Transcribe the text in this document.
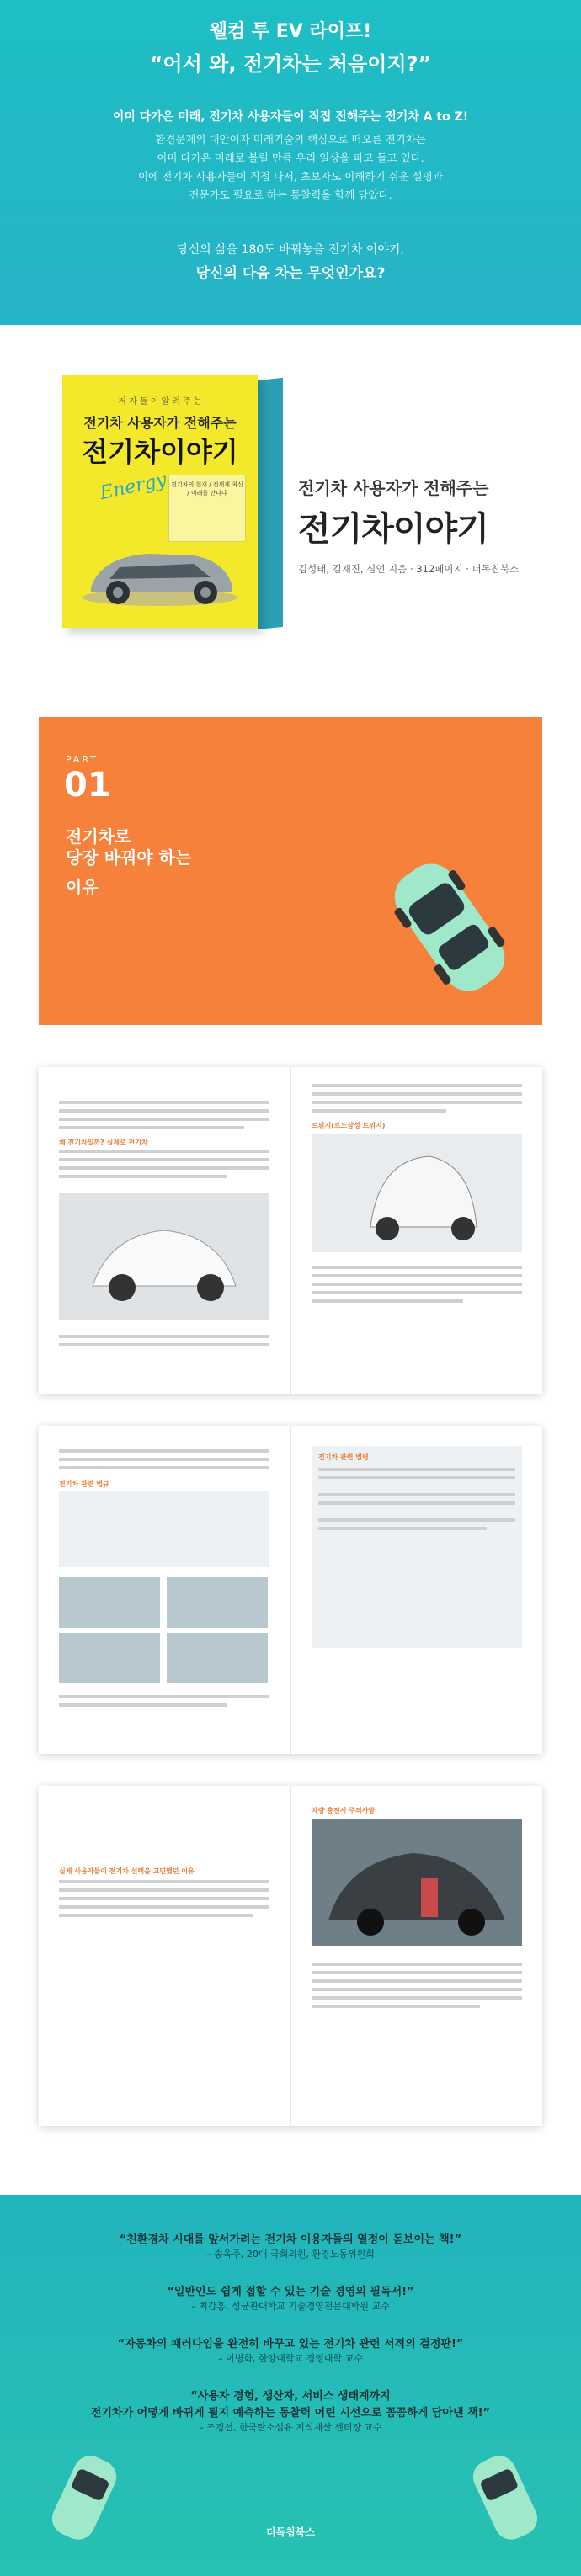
웰컴 투 EV 라이프!
“어서 와, 전기차는 처음이지?”
이미 다가온 미래, 전기차 사용자들이 직접 전해주는 전기차 A to Z!
환경문제의 대안이자 미래기술의 핵심으로 떠오른 전기차는
이미 다가온 미래로 불릴 만큼 우리 일상을 파고 들고 있다.
이에 전기차 사용자들이 직접 나서, 초보자도 이해하기 쉬운 설명과
전문가도 필요로 하는 통찰력을 함께 담았다.
당신의 삶을 180도 바꿔놓을 전기차 이야기,
당신의 다음 차는 무엇인가요?
저 자 들 이 알 려 주 는
전기차 사용자가 전해주는
전기차이야기
Energy 전기차의 현재 / 전세계 최신 / 미래를 만나다	전기차 사용자가 전해주는
전기차이야기
김성태, 김재진, 심언 지음 · 312페이지 · 더독칩북스
PART
01
전기차로
당장 바꿔야 하는
이유
왜 전기차일까? 실제로 전기차
트위지(르노삼성 트위지)
전기차 관련 법규
전기차 관련 법령
실제 사용자들이 전기차 선택을 고민했던 이유
차량 충전시 주의사항
“친환경차 시대를 앞서가려는 전기차 이용자들의 열정이 돋보이는 책!”
– 송옥주, 20대 국회의원, 환경노동위원회
“일반인도 쉽게 접할 수 있는 기술 경영의 필독서!”
– 최갑홍, 성균관대학교 기술경영전문대학원 교수
“자동차의 패러다임을 완전히 바꾸고 있는 전기차 관련 서적의 결정판!”
– 이병화, 한양대학교 경영대학 교수
“사용자 경험, 생산자, 서비스 생태계까지
전기차가 어떻게 바뀌게 될지 예측하는 통찰력 어린 시선으로 꼼꼼하게 담아낸 책!”
– 조경선, 한국탄소섬유 지식재산 센터장 교수
더독칩북스
